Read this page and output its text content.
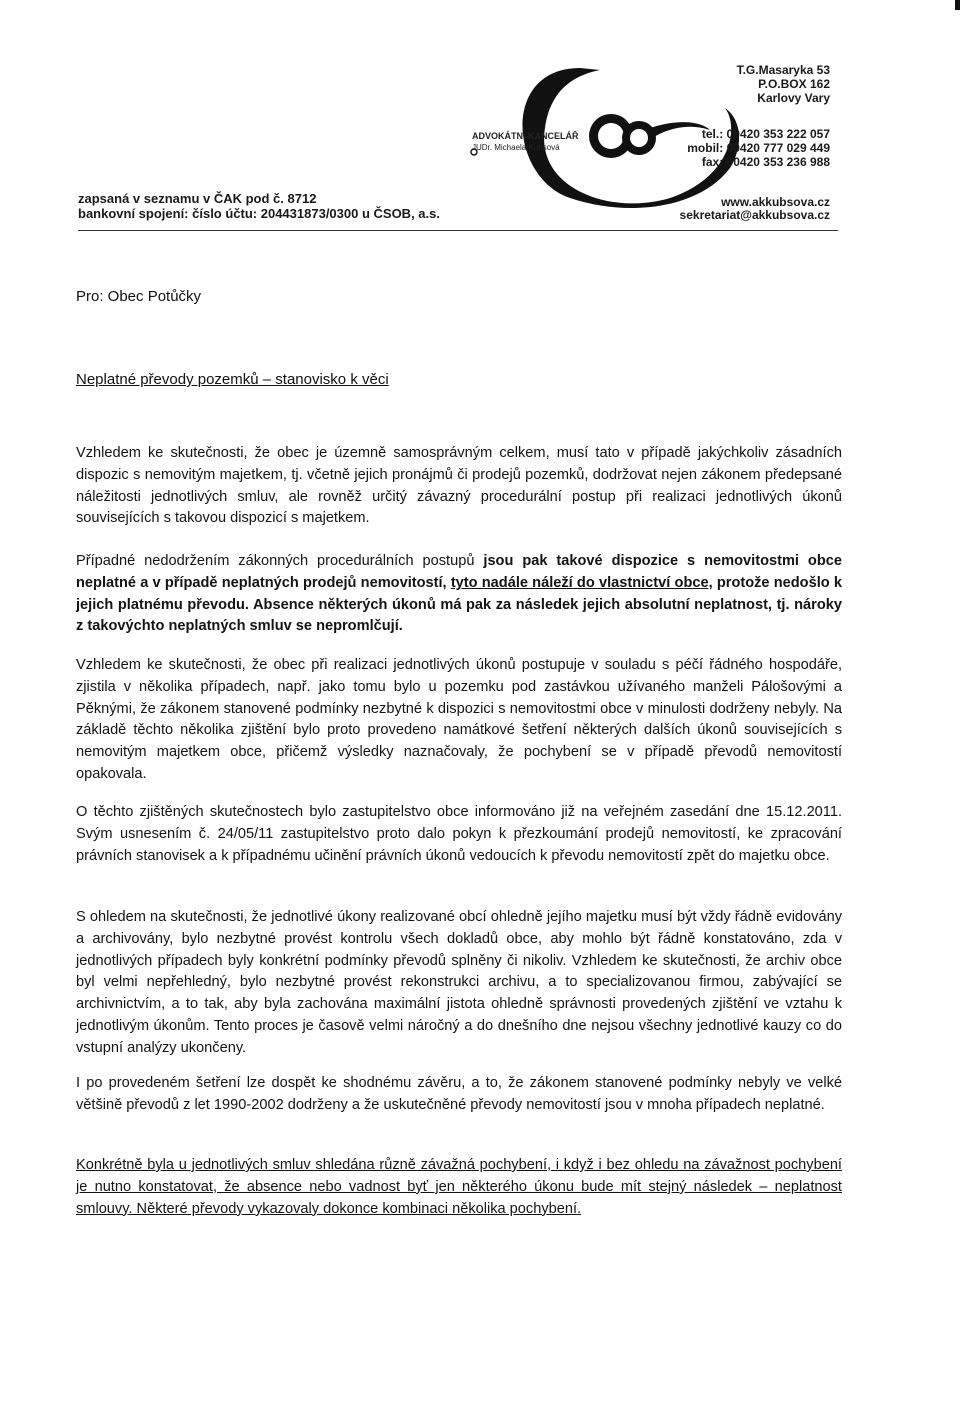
ADVOKÁTNÍ KANCELÁŘ
JUDr. Michaela Kubsová
T.G.Masaryka 53
P.O.BOX 162
Karlovy Vary
tel.: 00420 353 222 057
mobil: 00420 777 029 449
fax: 00420 353 236 988
www.akkubsova.cz
sekretariat@akkubsova.cz
zapsaná v seznamu v ČAK pod č. 8712
bankovní spojení: číslo účtu: 204431873/0300 u ČSOB, a.s.
Pro: Obec Potůčky
Neplatné převody pozemků – stanovisko k věci

Vzhledem ke skutečnosti, že obec je územně samosprávným celkem, musí tato v případě jakýchkoliv zásadních dispozic s nemovitým majetkem, tj. včetně jejich pronájmů či prodejů pozemků, dodržovat nejen zákonem předepsané náležitosti jednotlivých smluv, ale rovněž určitý závazný procedurální postup při realizaci jednotlivých úkonů souvisejících s takovou dispozicí s majetkem.

Případné nedodržením zákonných procedurálních postupů jsou pak takové dispozice s nemovitostmi obce neplatné a v případě neplatných prodejů nemovitostí, tyto nadále náleží do vlastnictví obce, protože nedošlo k jejich platnému převodu. Absence některých úkonů má pak za následek jejich absolutní neplatnost, tj. nároky z takovýchto neplatných smluv se nepromlčují.

Vzhledem ke skutečnosti, že obec při realizaci jednotlivých úkonů postupuje v souladu s péčí řádného hospodáře, zjistila v několika případech, např. jako tomu bylo u pozemku pod zastávkou užívaného manželi Pálošovými a Pěknými, že zákonem stanovené podmínky nezbytné k dispozici s nemovitostmi obce v minulosti dodrženy nebyly. Na základě těchto několika zjištění bylo proto provedeno namátkové šetření některých dalších úkonů souvisejících s nemovitým majetkem obce, přičemž výsledky naznačovaly, že pochybení se v případě převodů nemovitostí opakovala.

O těchto zjištěných skutečnostech bylo zastupitelstvo obce informováno již na veřejném zasedání dne 15.12.2011. Svým usnesením č. 24/05/11 zastupitelstvo proto dalo pokyn k přezkoumání prodejů nemovitostí, ke zpracování právních stanovisek a k případnému učinění právních úkonů vedoucích k převodu nemovitostí zpět do majetku obce.

S ohledem na skutečnosti, že jednotlivé úkony realizované obcí ohledně jejího majetku musí být vždy řádně evidovány a archivovány, bylo nezbytné provést kontrolu všech dokladů obce, aby mohlo být řádně konstatováno, zda v jednotlivých případech byly konkrétní podmínky převodů splněny či nikoliv. Vzhledem ke skutečnosti, že archiv obce byl velmi nepřehledný, bylo nezbytné provést rekonstrukci archivu, a to specializovanou firmou, zabývající se archivnictvím, a to tak, aby byla zachována maximální jistota ohledně správnosti provedených zjištění ve vztahu k jednotlivým úkonům. Tento proces je časově velmi náročný a do dnešního dne nejsou všechny jednotlivé kauzy co do vstupní analýzy ukončeny.

I po provedeném šetření lze dospět ke shodnému závěru, a to, že zákonem stanovené podmínky nebyly ve velké většině převodů z let 1990-2002 dodrženy a že uskutečněné převody nemovitostí jsou v mnoha případech neplatné.

Konkrétně byla u jednotlivých smluv shledána různě závažná pochybení, i když i bez ohledu na závažnost pochybení je nutno konstatovat, že absence nebo vadnost byť jen některého úkonu bude mít stejný následek – neplatnost smlouvy. Některé převody vykazovaly dokonce kombinaci několika pochybení.
